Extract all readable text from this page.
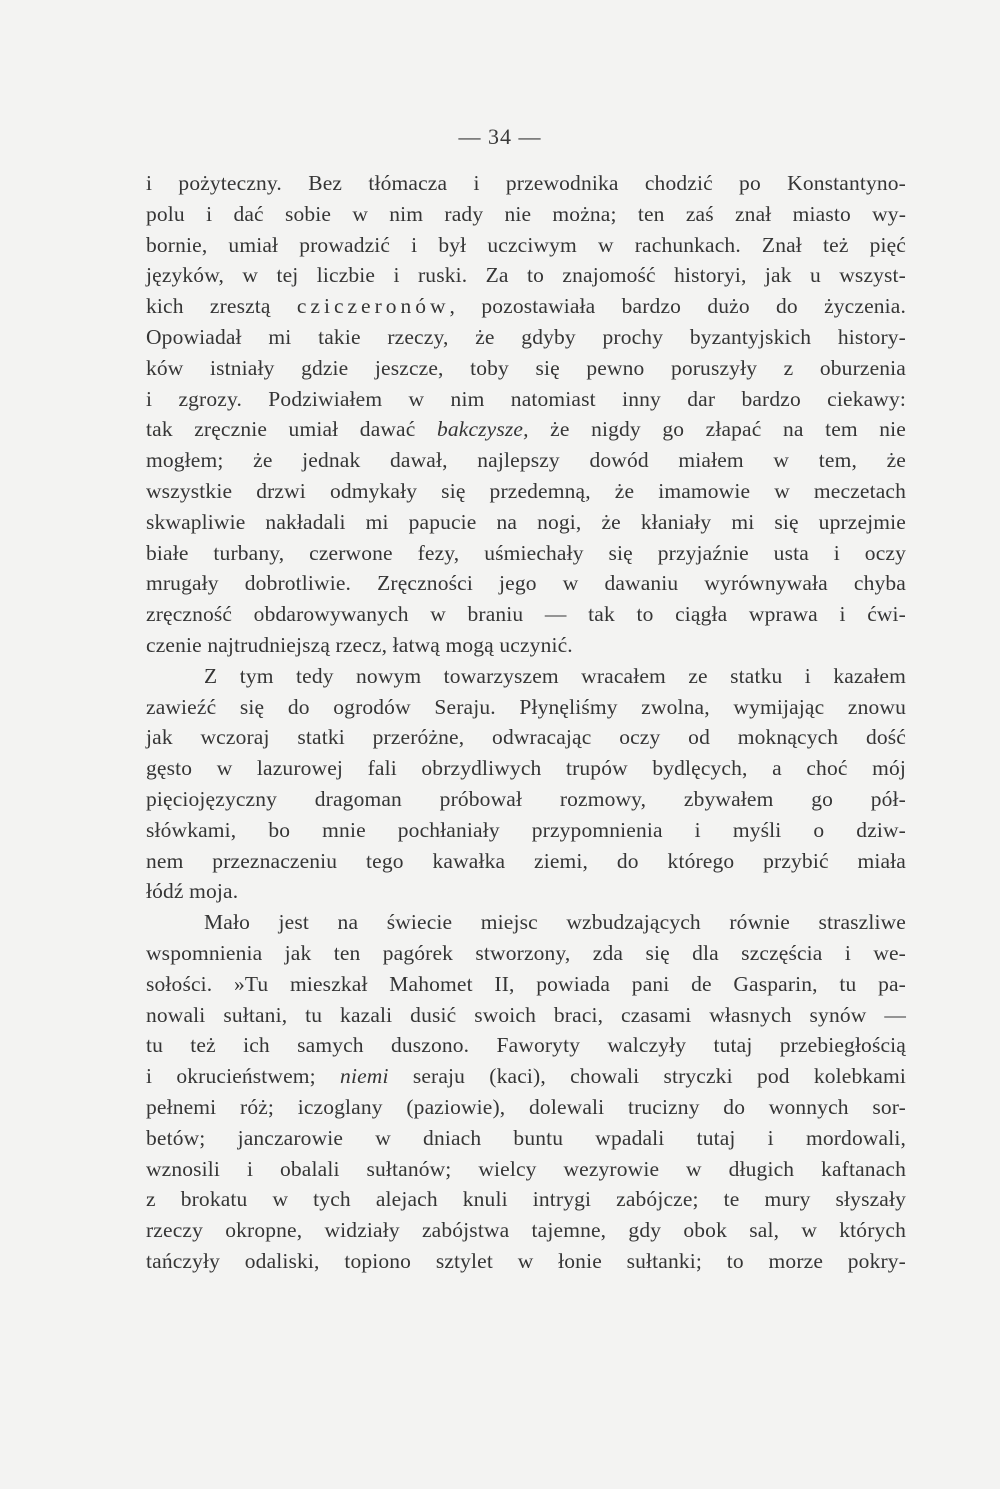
— 34 —
i pożyteczny. Bez tłómacza i przewodnika chodzić po Konstantyno-
polu i dać sobie w nim rady nie można; ten zaś znał miasto wy-
bornie, umiał prowadzić i był uczciwym w rachunkach. Znał też pięć
języków, w tej liczbie i ruski. Za to znajomość historyi, jak u wszyst-
kich zresztą cziczeronów, pozostawiała bardzo dużo do życzenia.
Opowiadał mi takie rzeczy, że gdyby prochy byzantyjskich history-
ków istniały gdzie jeszcze, toby się pewno poruszyły z oburzenia
i zgrozy. Podziwiałem w nim natomiast inny dar bardzo ciekawy:
tak zręcznie umiał dawać bakczysze, że nigdy go złapać na tem nie
mogłem; że jednak dawał, najlepszy dowód miałem w tem, że
wszystkie drzwi odmykały się przedemną, że imamowie w meczetach
skwapliwie nakładali mi papucie na nogi, że kłaniały mi się uprzejmie
białe turbany, czerwone fezy, uśmiechały się przyjaźnie usta i oczy
mrugały dobrotliwie. Zręczności jego w dawaniu wyrównywała chyba
zręczność obdarowywanych w braniu — tak to ciągła wprawa i ćwi-
czenie najtrudniejszą rzecz, łatwą mogą uczynić.
Z tym tedy nowym towarzyszem wracałem ze statku i kazałem
zawieźć się do ogrodów Seraju. Płynęliśmy zwolna, wymijając znowu
jak wczoraj statki przeróżne, odwracając oczy od moknących dość
gęsto w lazurowej fali obrzydliwych trupów bydlęcych, a choć mój
pięciojęzyczny dragoman próbował rozmowy, zbywałem go pół-
słówkami, bo mnie pochłaniały przypomnienia i myśli o dziw-
nem przeznaczeniu tego kawałka ziemi, do którego przybić miała
łódź moja.
Mało jest na świecie miejsc wzbudzających równie straszliwe
wspomnienia jak ten pagórek stworzony, zda się dla szczęścia i we-
sołości. »Tu mieszkał Mahomet II, powiada pani de Gasparin, tu pa-
nowali sułtani, tu kazali dusić swoich braci, czasami własnych synów —
tu też ich samych duszono. Faworyty walczyły tutaj przebiegłością
i okrucieństwem; niemi seraju (kaci), chowali stryczki pod kolebkami
pełnemi róż; iczoglany (paziowie), dolewali trucizny do wonnych sor-
betów; janczarowie w dniach buntu wpadali tutaj i mordowali,
wznosili i obalali sułtanów; wielcy wezyrowie w długich kaftanach
z brokatu w tych alejach knuli intrygi zabójcze; te mury słyszały
rzeczy okropne, widziały zabójstwa tajemne, gdy obok sal, w których
tańczyły odaliski, topiono sztylet w łonie sułtanki; to morze pokry-
